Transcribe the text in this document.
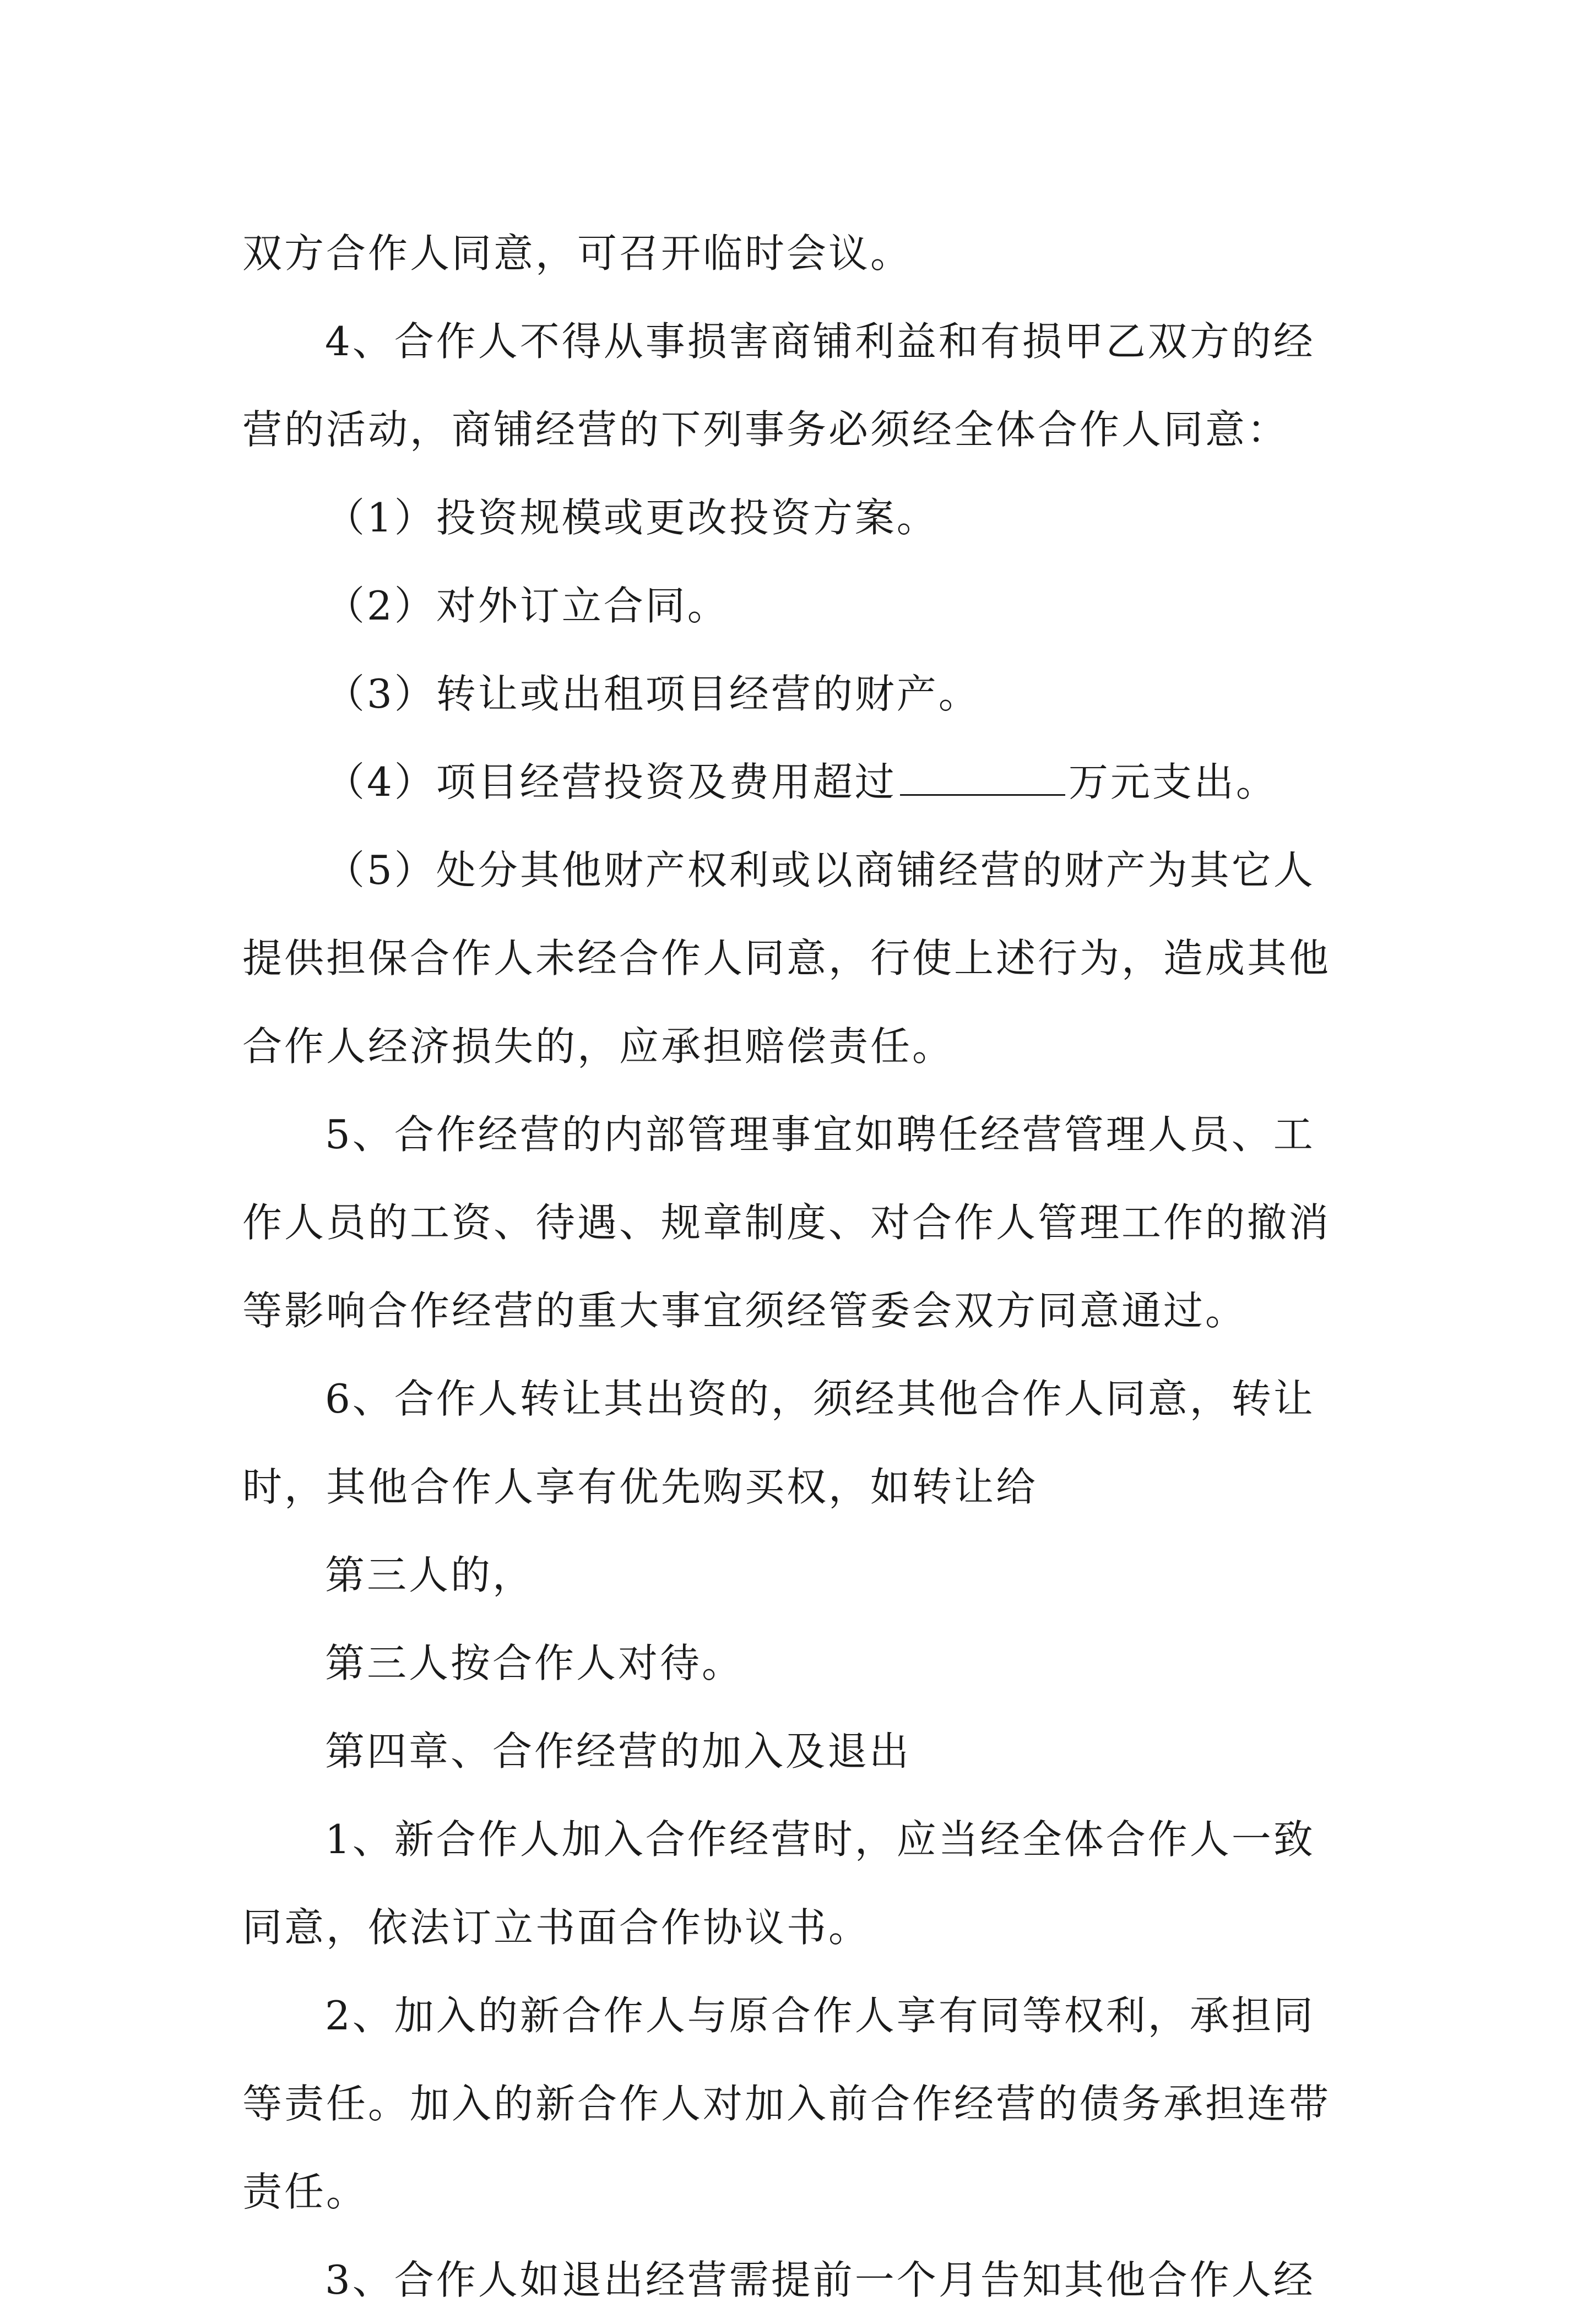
双方合作人同意，可召开临时会议。
4、合作人不得从事损害商铺利益和有损甲乙双方的经
营的活动，商铺经营的下列事务必须经全体合作人同意：
（1）投资规模或更改投资方案。
（2）对外订立合同。
（3）转让或出租项目经营的财产。
（4）项目经营投资及费用超过	万元支出。
（5）处分其他财产权利或以商铺经营的财产为其它人
提供担保合作人未经合作人同意，行使上述行为，造成其他
合作人经济损失的，应承担赔偿责任。
5、合作经营的内部管理事宜如聘任经营管理人员、工
作人员的工资、待遇、规章制度、对合作人管理工作的撤消
等影响合作经营的重大事宜须经管委会双方同意通过。
6、合作人转让其出资的，须经其他合作人同意，转让
时，其他合作人享有优先购买权，如转让给
第三人的，
第三人按合作人对待。
第四章、合作经营的加入及退出
1、新合作人加入合作经营时，应当经全体合作人一致
同意，依法订立书面合作协议书。
2、加入的新合作人与原合作人享有同等权利，承担同
等责任。加入的新合作人对加入前合作经营的债务承担连带
责任。
3、合作人如退出经营需提前一个月告知其他合作人经
